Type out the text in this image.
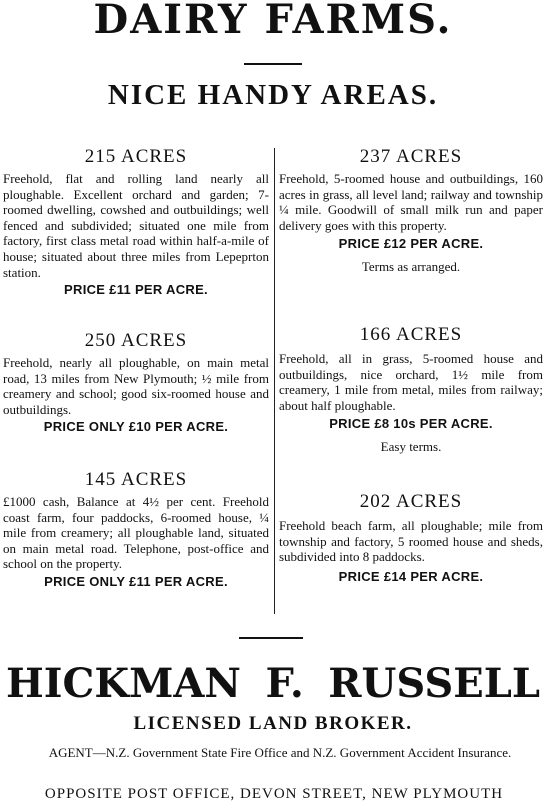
DAIRY FARMS.
NICE HANDY AREAS.
215 ACRES
Freehold, flat and rolling land nearly all ploughable. Excellent orchard and garden; 7-roomed dwelling, cowshed and outbuildings; well fenced and subdivided; situated one mile from factory, first class metal road within half-a-mile of house; situated about three miles from Lepeprton station.
PRICE £11 PER ACRE.
250 ACRES
Freehold, nearly all ploughable, on main metal road, 13 miles from New Plymouth; ½ mile from creamery and school; good six-roomed house and outbuildings.
PRICE ONLY £10 PER ACRE.
145 ACRES
£1000 cash, Balance at 4½ per cent. Freehold coast farm, four paddocks, 6-roomed house, ¼ mile from creamery; all ploughable land, situated on main metal road. Telephone, post-office and school on the property.
PRICE ONLY £11 PER ACRE.
237 ACRES
Freehold, 5-roomed house and outbuildings, 160 acres in grass, all level land; railway and township ¼ mile. Goodwill of small milk run and paper delivery goes with this property.
PRICE £12 PER ACRE.
Terms as arranged.
166 ACRES
Freehold, all in grass, 5-roomed house and outbuildings, nice orchard, 1½ mile from creamery, 1 mile from metal, miles from railway; about half ploughable.
PRICE £8 10s PER ACRE.
Easy terms.
202 ACRES
Freehold beach farm, all ploughable; mile from township and factory, 5 roomed house and sheds, subdivided into 8 paddocks.
PRICE £14 PER ACRE.
HICKMAN F. RUSSELL
LICENSED LAND BROKER.
AGENT—N.Z. Government State Fire Office and N.Z. Government Accident Insurance.
OPPOSITE POST OFFICE, DEVON STREET, NEW PLYMOUTH
